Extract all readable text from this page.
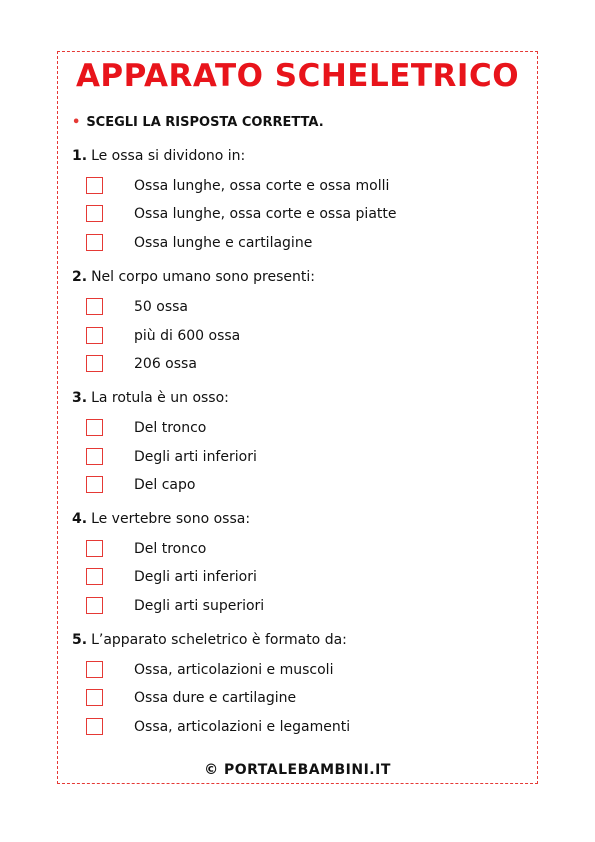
APPARATO SCHELETRICO
• SCEGLI LA RISPOSTA CORRETTA.
1. Le ossa si dividono in:
Ossa lunghe, ossa corte e ossa molli
Ossa lunghe, ossa corte e ossa piatte
Ossa lunghe e cartilagine
2. Nel corpo umano sono presenti:
50 ossa
più di 600 ossa
206 ossa
3. La rotula è un osso:
Del tronco
Degli arti inferiori
Del capo
4. Le vertebre sono ossa:
Del tronco
Degli arti inferiori
Degli arti superiori
5. L’apparato scheletrico è formato da:
Ossa, articolazioni e muscoli
Ossa dure e cartilagine
Ossa, articolazioni e legamenti
© PORTALEBAMBINI.IT
